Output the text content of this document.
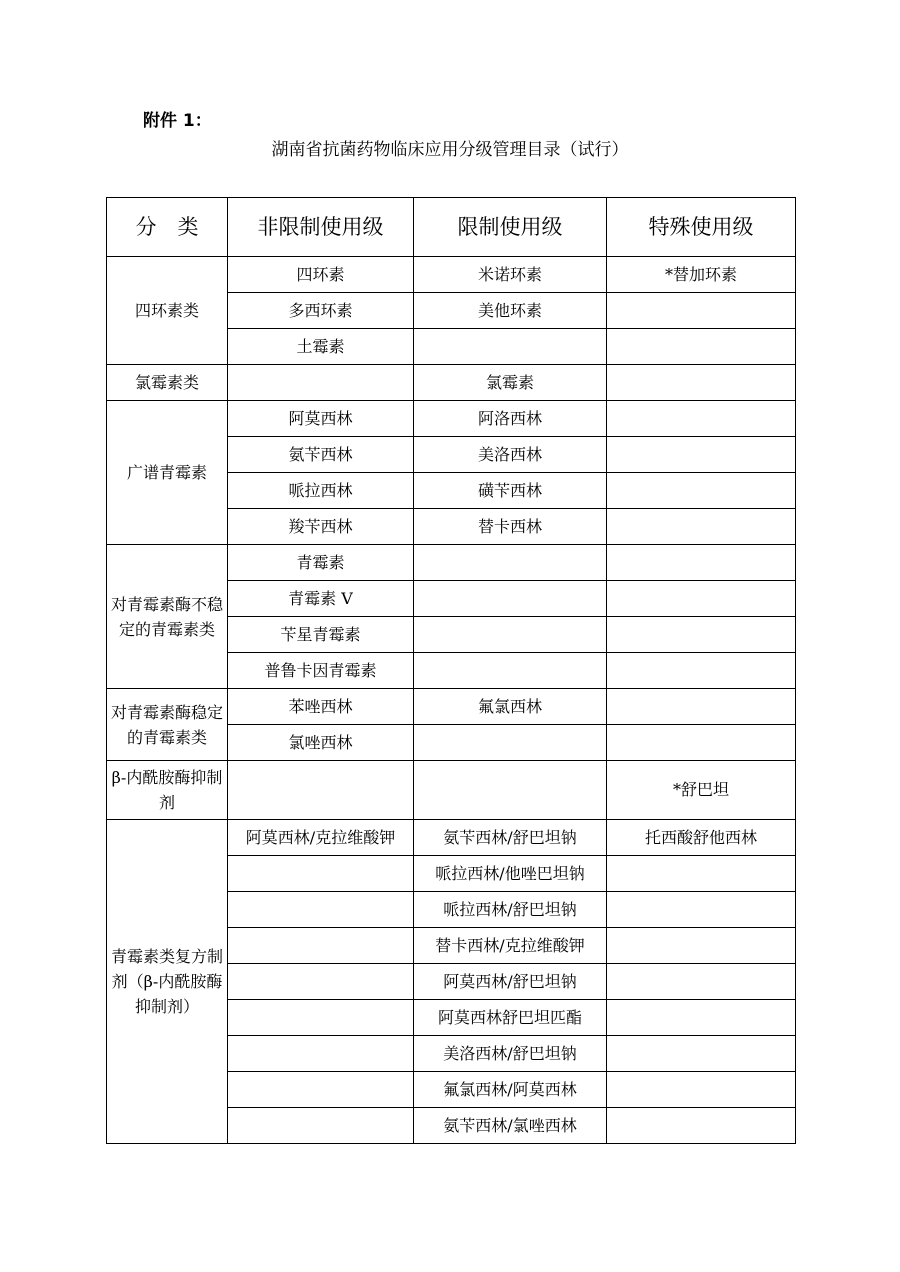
附件 1：
湖南省抗菌药物临床应用分级管理目录（试行）
分　类	非限制使用级	限制使用级	特殊使用级
四环素类	四环素	米诺环素	*替加环素
	多西环素	美他环素	
	土霉素		
氯霉素类		氯霉素	
广谱青霉素	阿莫西林	阿洛西林	
	氨苄西林	美洛西林	
	哌拉西林	磺苄西林	
	羧苄西林	替卡西林	
对青霉素酶不稳定的青霉素类	青霉素		
	青霉素 V		
	苄星青霉素		
	普鲁卡因青霉素		
对青霉素酶稳定的青霉素类	苯唑西林	氟氯西林	
	氯唑西林		
β-内酰胺酶抑制剂			*舒巴坦
青霉素类复方制剂（β-内酰胺酶抑制剂）	阿莫西林/克拉维酸钾	氨苄西林/舒巴坦钠	托西酸舒他西林
		哌拉西林/他唑巴坦钠	
		哌拉西林/舒巴坦钠	
		替卡西林/克拉维酸钾	
		阿莫西林/舒巴坦钠	
		阿莫西林舒巴坦匹酯	
		美洛西林/舒巴坦钠	
		氟氯西林/阿莫西林	
		氨苄西林/氯唑西林	
